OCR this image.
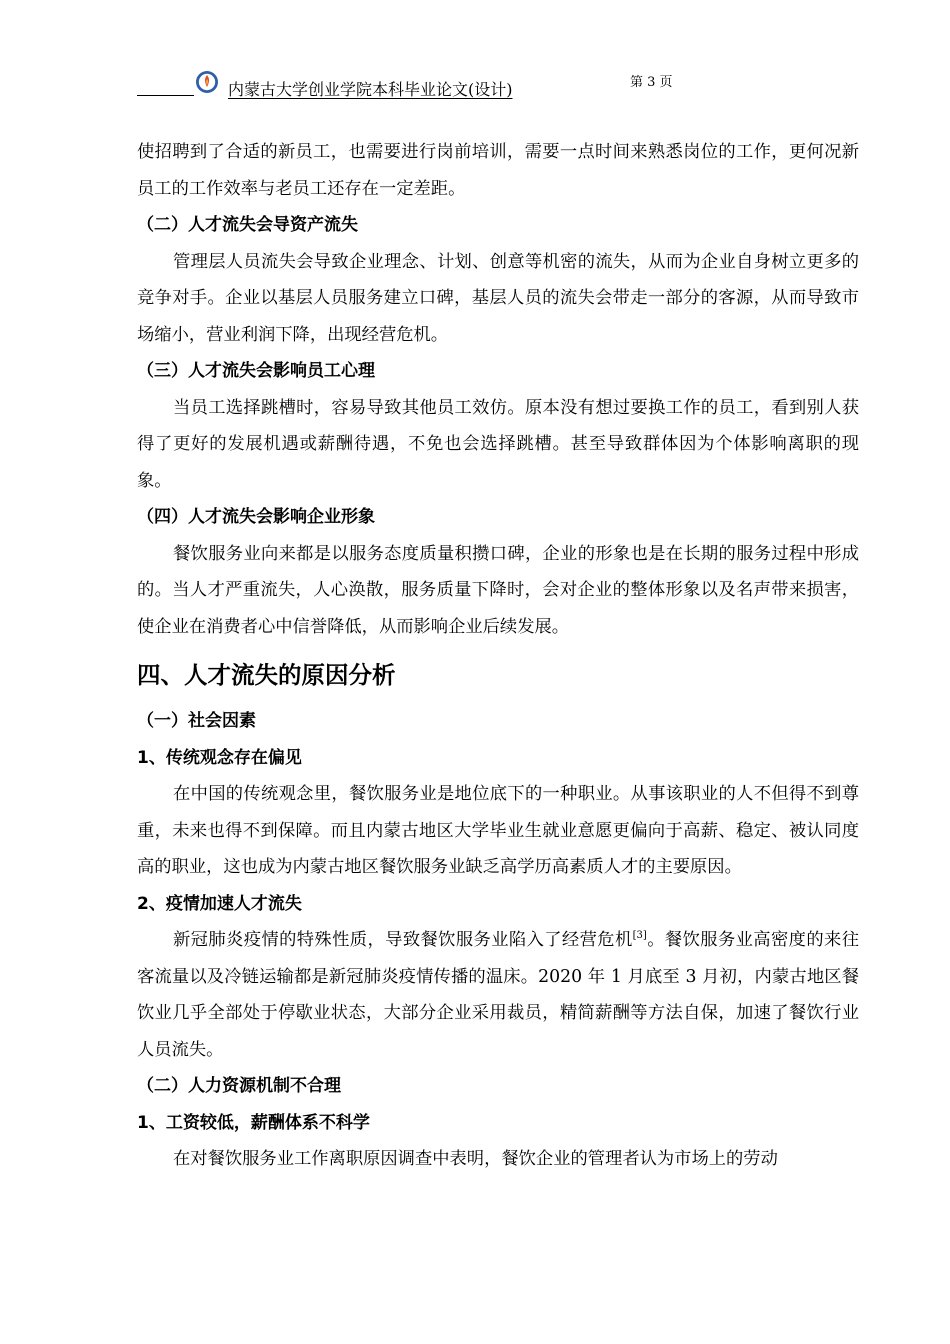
内蒙古大学创业学院本科毕业论文(设计)	第 3 页

使招聘到了合适的新员工，也需要进行岗前培训，需要一点时间来熟悉岗位的工作，更何况新员工的工作效率与老员工还存在一定差距。

（二）人才流失会导资产流失

管理层人员流失会导致企业理念、计划、创意等机密的流失，从而为企业自身树立更多的竞争对手。企业以基层人员服务建立口碑，基层人员的流失会带走一部分的客源，从而导致市场缩小，营业利润下降，出现经营危机。

（三）人才流失会影响员工心理

当员工选择跳槽时，容易导致其他员工效仿。原本没有想过要换工作的员工，看到别人获得了更好的发展机遇或薪酬待遇，不免也会选择跳槽。甚至导致群体因为个体影响离职的现象。

（四）人才流失会影响企业形象

餐饮服务业向来都是以服务态度质量积攒口碑，企业的形象也是在长期的服务过程中形成的。当人才严重流失，人心涣散，服务质量下降时，会对企业的整体形象以及名声带来损害，使企业在消费者心中信誉降低，从而影响企业后续发展。

四、人才流失的原因分析

（一）社会因素

1、传统观念存在偏见

在中国的传统观念里，餐饮服务业是地位底下的一种职业。从事该职业的人不但得不到尊重，未来也得不到保障。而且内蒙古地区大学毕业生就业意愿更偏向于高薪、稳定、被认同度高的职业，这也成为内蒙古地区餐饮服务业缺乏高学历高素质人才的主要原因。

2、疫情加速人才流失

新冠肺炎疫情的特殊性质，导致餐饮服务业陷入了经营危机[3]。餐饮服务业高密度的来往客流量以及冷链运输都是新冠肺炎疫情传播的温床。2020 年 1 月底至 3 月初，内蒙古地区餐饮业几乎全部处于停歇业状态，大部分企业采用裁员，精简薪酬等方法自保，加速了餐饮行业人员流失。

（二）人力资源机制不合理

1、工资较低，薪酬体系不科学

在对餐饮服务业工作离职原因调查中表明，餐饮企业的管理者认为市场上的劳动
